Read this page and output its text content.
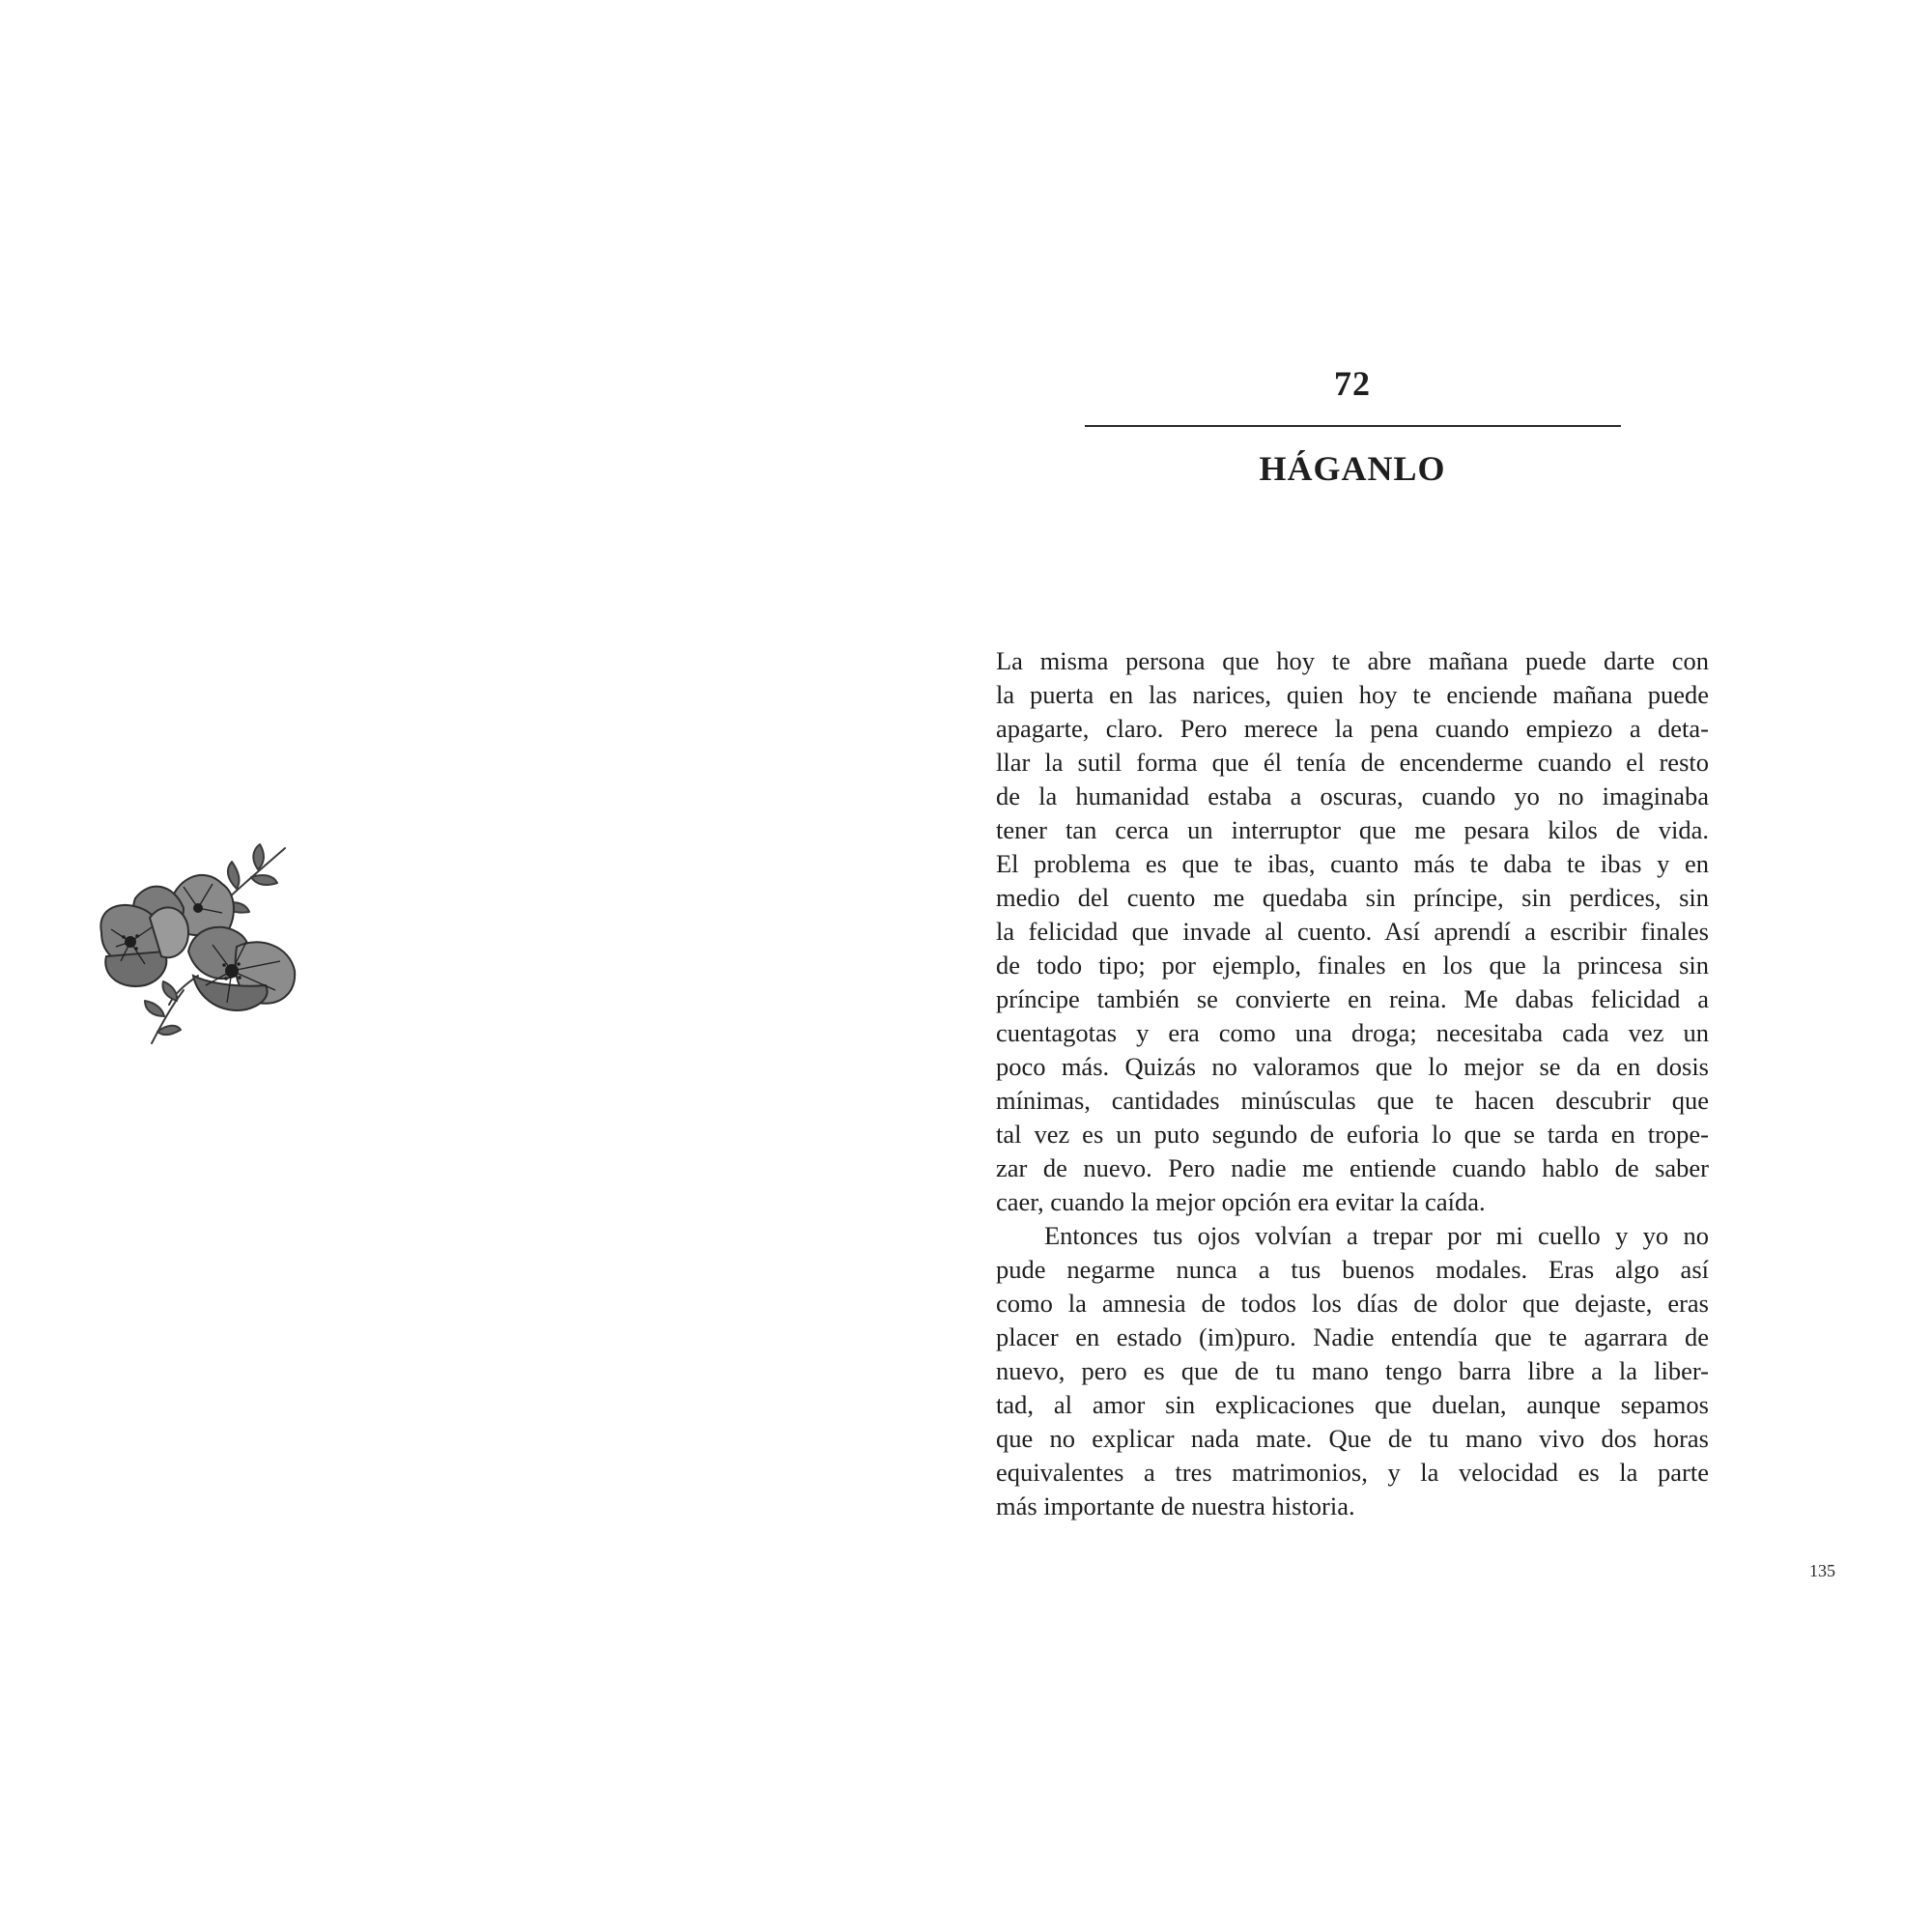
72
HÁGANLO
La misma persona que hoy te abre mañana puede darte con
la puerta en las narices, quien hoy te enciende mañana puede
apagarte, claro. Pero merece la pena cuando empiezo a deta-
llar la sutil forma que él tenía de encenderme cuando el resto
de la humanidad estaba a oscuras, cuando yo no imaginaba
tener tan cerca un interruptor que me pesara kilos de vida.
El problema es que te ibas, cuanto más te daba te ibas y en
medio del cuento me quedaba sin príncipe, sin perdices, sin
la felicidad que invade al cuento. Así aprendí a escribir finales
de todo tipo; por ejemplo, finales en los que la princesa sin
príncipe también se convierte en reina. Me dabas felicidad a
cuentagotas y era como una droga; necesitaba cada vez un
poco más. Quizás no valoramos que lo mejor se da en dosis
mínimas, cantidades minúsculas que te hacen descubrir que
tal vez es un puto segundo de euforia lo que se tarda en trope-
zar de nuevo. Pero nadie me entiende cuando hablo de saber
caer, cuando la mejor opción era evitar la caída.
Entonces tus ojos volvían a trepar por mi cuello y yo no
pude negarme nunca a tus buenos modales. Eras algo así
como la amnesia de todos los días de dolor que dejaste, eras
placer en estado (im)puro. Nadie entendía que te agarrara de
nuevo, pero es que de tu mano tengo barra libre a la liber-
tad, al amor sin explicaciones que duelan, aunque sepamos
que no explicar nada mate. Que de tu mano vivo dos horas
equivalentes a tres matrimonios, y la velocidad es la parte
más importante de nuestra historia.
135
